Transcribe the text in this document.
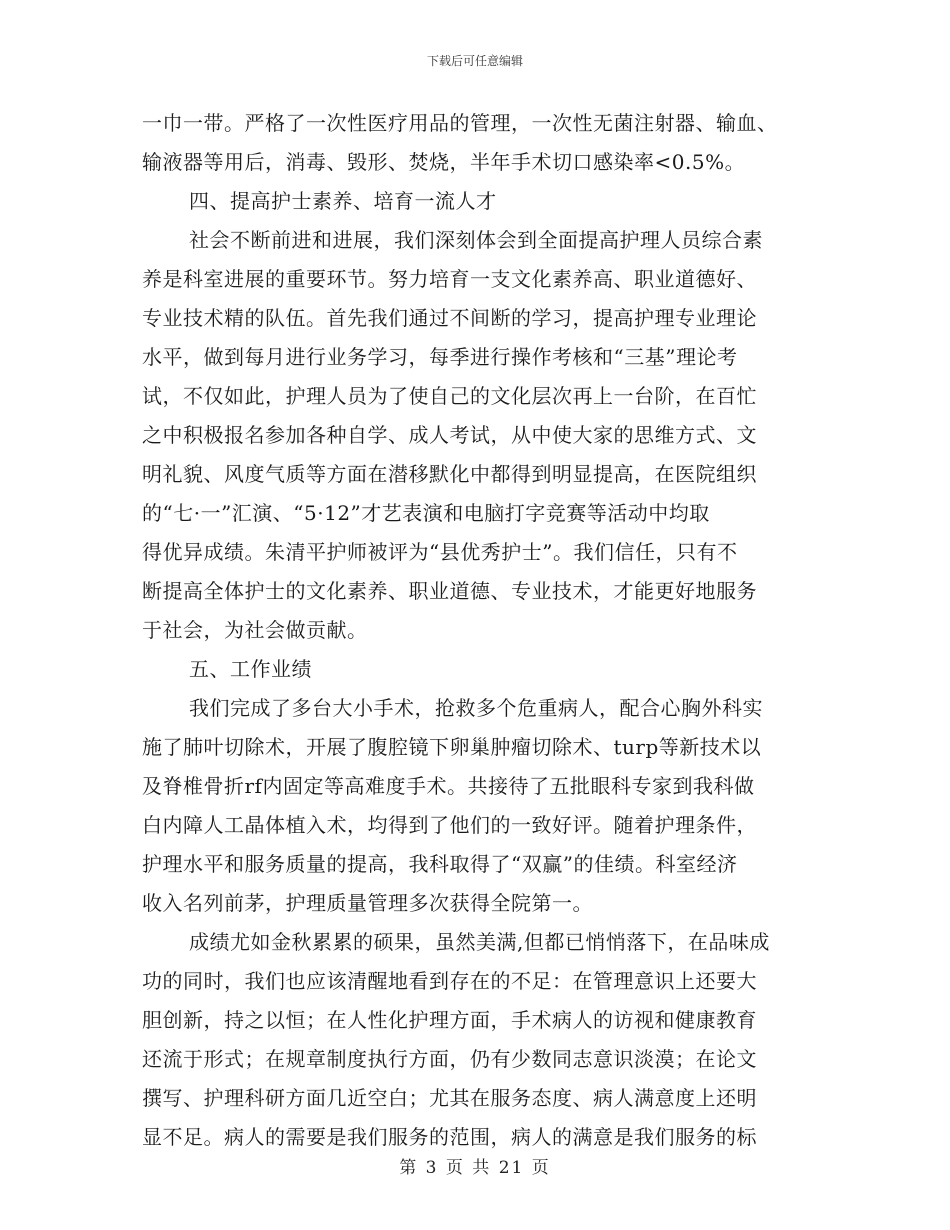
下载后可任意编辑
一巾一带。严格了一次性医疗用品的管理，一次性无菌注射器、输血、
输液器等用后，消毒、毁形、焚烧，半年手术切口感染率<0.5%。
四、提高护士素养、培育一流人才
社会不断前进和进展，我们深刻体会到全面提高护理人员综合素
养是科室进展的重要环节。努力培育一支文化素养高、职业道德好、
专业技术精的队伍。首先我们通过不间断的学习，提高护理专业理论
水平，做到每月进行业务学习，每季进行操作考核和“三基”理论考
试，不仅如此，护理人员为了使自己的文化层次再上一台阶，在百忙
之中积极报名参加各种自学、成人考试，从中使大家的思维方式、文
明礼貌、风度气质等方面在潜移默化中都得到明显提高，在医院组织
的“七·一”汇演、“5·12”才艺表演和电脑打字竞赛等活动中均取
得优异成绩。朱清平护师被评为“县优秀护士”。我们信任，只有不
断提高全体护士的文化素养、职业道德、专业技术，才能更好地服务
于社会，为社会做贡献。
五、工作业绩
我们完成了多台大小手术，抢救多个危重病人，配合心胸外科实
施了肺叶切除术，开展了腹腔镜下卵巢肿瘤切除术、turp等新技术以
及脊椎骨折rf内固定等高难度手术。共接待了五批眼科专家到我科做
白内障人工晶体植入术，均得到了他们的一致好评。随着护理条件，
护理水平和服务质量的提高，我科取得了“双赢”的佳绩。科室经济
收入名列前茅，护理质量管理多次获得全院第一。
成绩尤如金秋累累的硕果，虽然美满,但都已悄悄落下，在品味成
功的同时，我们也应该清醒地看到存在的不足：在管理意识上还要大
胆创新，持之以恒；在人性化护理方面，手术病人的访视和健康教育
还流于形式；在规章制度执行方面，仍有少数同志意识淡漠；在论文
撰写、护理科研方面几近空白；尤其在服务态度、病人满意度上还明
显不足。病人的需要是我们服务的范围，病人的满意是我们服务的标
第 3 页 共 21 页
